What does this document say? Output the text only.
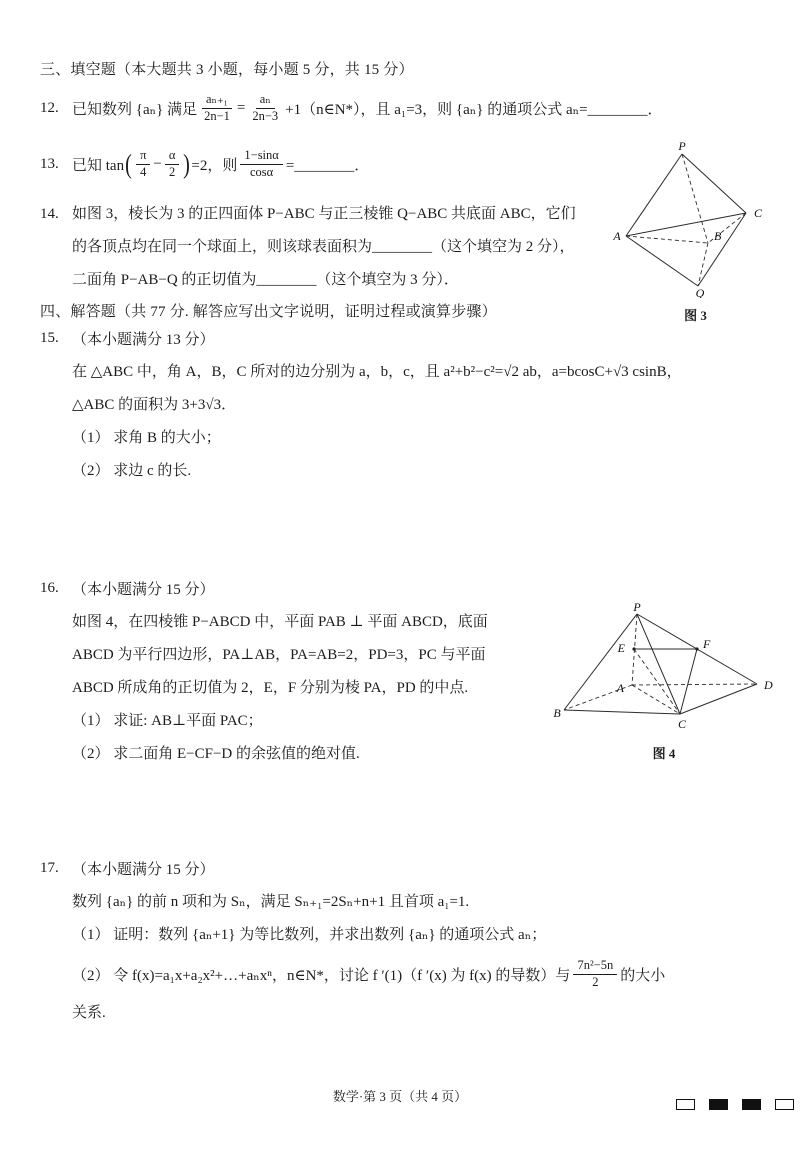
三、填空题（本大题共 3 小题，每小题 5 分，共 15 分）
12. 已知数列 {aₙ} 满足 $\frac{\text{aₙ₊₁}}{2n-1} = \frac{\text{aₙ}}{2n-3}$ +1（n∈N*），且 a₁=3，则 {aₙ} 的通项公式 aₙ=________．
13. 已知 tan ( $\frac{\pi}{4} - \frac{\alpha}{2}$ ) =2，则 $\frac{1-\sin\alpha}{\cos\alpha}$ =________．
14. 如图 3，棱长为 3 的正四面体 P−ABC 与正三棱锥 Q−ABC 共底面 ABC，它们
的各顶点均在同一个球面上，则该球表面积为________（这个填空为 2 分），
二面角 P−AB−Q 的正切值为________（这个填空为 3 分）．
P
A	B
C
Q
图 3
四、解答题（共 77 分. 解答应写出文字说明，证明过程或演算步骤）
15. （本小题满分 13 分）
在 △ABC 中，角 A，B，C 所对的边分别为 a，b，c，且 a²+b²−c²=√2 ab，a=bcosC+√3 csinB，
△ABC 的面积为 3+3√3．
（1） 求角 B 的大小；
（2） 求边 c 的长.
16. （本小题满分 15 分）
如图 4，在四棱锥 P−ABCD 中，平面 PAB ⊥ 平面 ABCD，底面
ABCD 为平行四边形，PA⊥AB，PA=AB=2，PD=3，PC 与平面
ABCD 所成角的正切值为 2，E，F 分别为棱 PA，PD 的中点.
（1） 求证: AB⊥平面 PAC；
（2） 求二面角 E−CF−D 的余弦值的绝对值.
P
E	F
A	D
B
C
图 4
17. （本小题满分 15 分）
数列 {aₙ} 的前 n 项和为 Sₙ，满足 Sₙ₊₁=2Sₙ+n+1 且首项 a₁=1.
（1） 证明：数列 {aₙ+1} 为等比数列，并求出数列 {aₙ} 的通项公式 aₙ；
（2） 令 f(x)=a₁x+a₂x²+…+aₙxⁿ，n∈N*，讨论 f ′(1)（f ′(x) 为 f(x) 的导数）与 $\frac{\text{7n²−5n}}{2}$ 的大小
关系.
数学·第 3 页（共 4 页）
